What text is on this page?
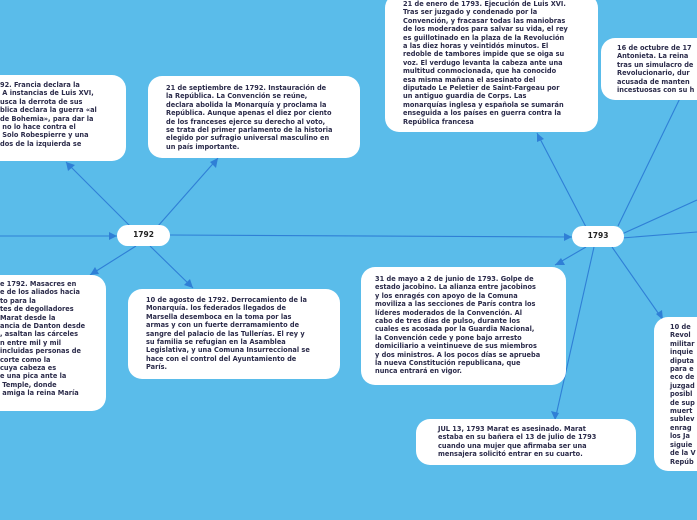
92. Francia declara la
A instancias de Luis XVI,
usca la derrota de sus
blica declara la guerra «al
de Bohemia», para dar la
no lo hace contra el
Solo Robespierre y una
dos de la izquierda se
21 de septiembre de 1792. Instauración de
la República. La Convención se reúne,
declara abolida la Monarquía y proclama la
República. Aunque apenas el diez por ciento
de los franceses ejerce su derecho al voto,
se trata del primer parlamento de la historia
elegido por sufragio universal masculino en
un país importante.
1792
e 1792. Masacres en
e de los aliados hacia
to para la
tes de degolladores
Marat desde la
ancia de Danton desde
, asaltan las cárceles
n entre mil y mil
incluidas personas de
corte como la
cuya cabeza es
e una pica ante la
Temple, donde
amiga la reina María
10 de agosto de 1792. Derrocamiento de la
Monarquía. los federados llegados de
Marsella desemboca en la toma por las
armas y con un fuerte derramamiento de
sangre del palacio de las Tullerías. El rey y
su familia se refugian en la Asamblea
Legislativa, y una Comuna Insurreccional se
hace con el control del Ayuntamiento de
París.
21 de enero de 1793. Ejecución de Luis XVI.
Tras ser juzgado y condenado por la
Convención, y fracasar todas las maniobras
de los moderados para salvar su vida, el rey
es guillotinado en la plaza de la Revolución
a las diez horas y veintidós minutos. El
redoble de tambores impide que se oiga su
voz. El verdugo levanta la cabeza ante una
multitud conmocionada, que ha conocido
esa misma mañana el asesinato del
diputado Le Peletier de Saint-Fargeau por
un antiguo guardia de Corps. Las
monarquías inglesa y española se sumarán
enseguida a los países en guerra contra la
República francesa
16 de octubre de 17
Antonieta. La reina
tras un simulacro de
Revolucionario, dur
acusada de manten
incestuosas con su h
1793
31 de mayo a 2 de junio de 1793. Golpe de
estado jacobino. La alianza entre jacobinos
y los enragés con apoyo de la Comuna
moviliza a las secciones de París contra los
líderes moderados de la Convención. Al
cabo de tres días de pulso, durante los
cuales es acosada por la Guardia Nacional,
la Convención cede y pone bajo arresto
domiciliario a veintinueve de sus miembros
y dos ministros. A los pocos días se aprueba
la nueva Constitución republicana, que
nunca entrará en vigor.
JUL 13, 1793 Marat es asesinado. Marat
estaba en su bañera el 13 de julio de 1793
cuando una mujer que afirmaba ser una
mensajera solicitó entrar en su cuarto.
10 de
Revol
militar
inquie
diputa
para e
eco de
juzgad
posibl
de sup
muert
sublev
enrag
los Ja
siguie
de la V
Repúb
